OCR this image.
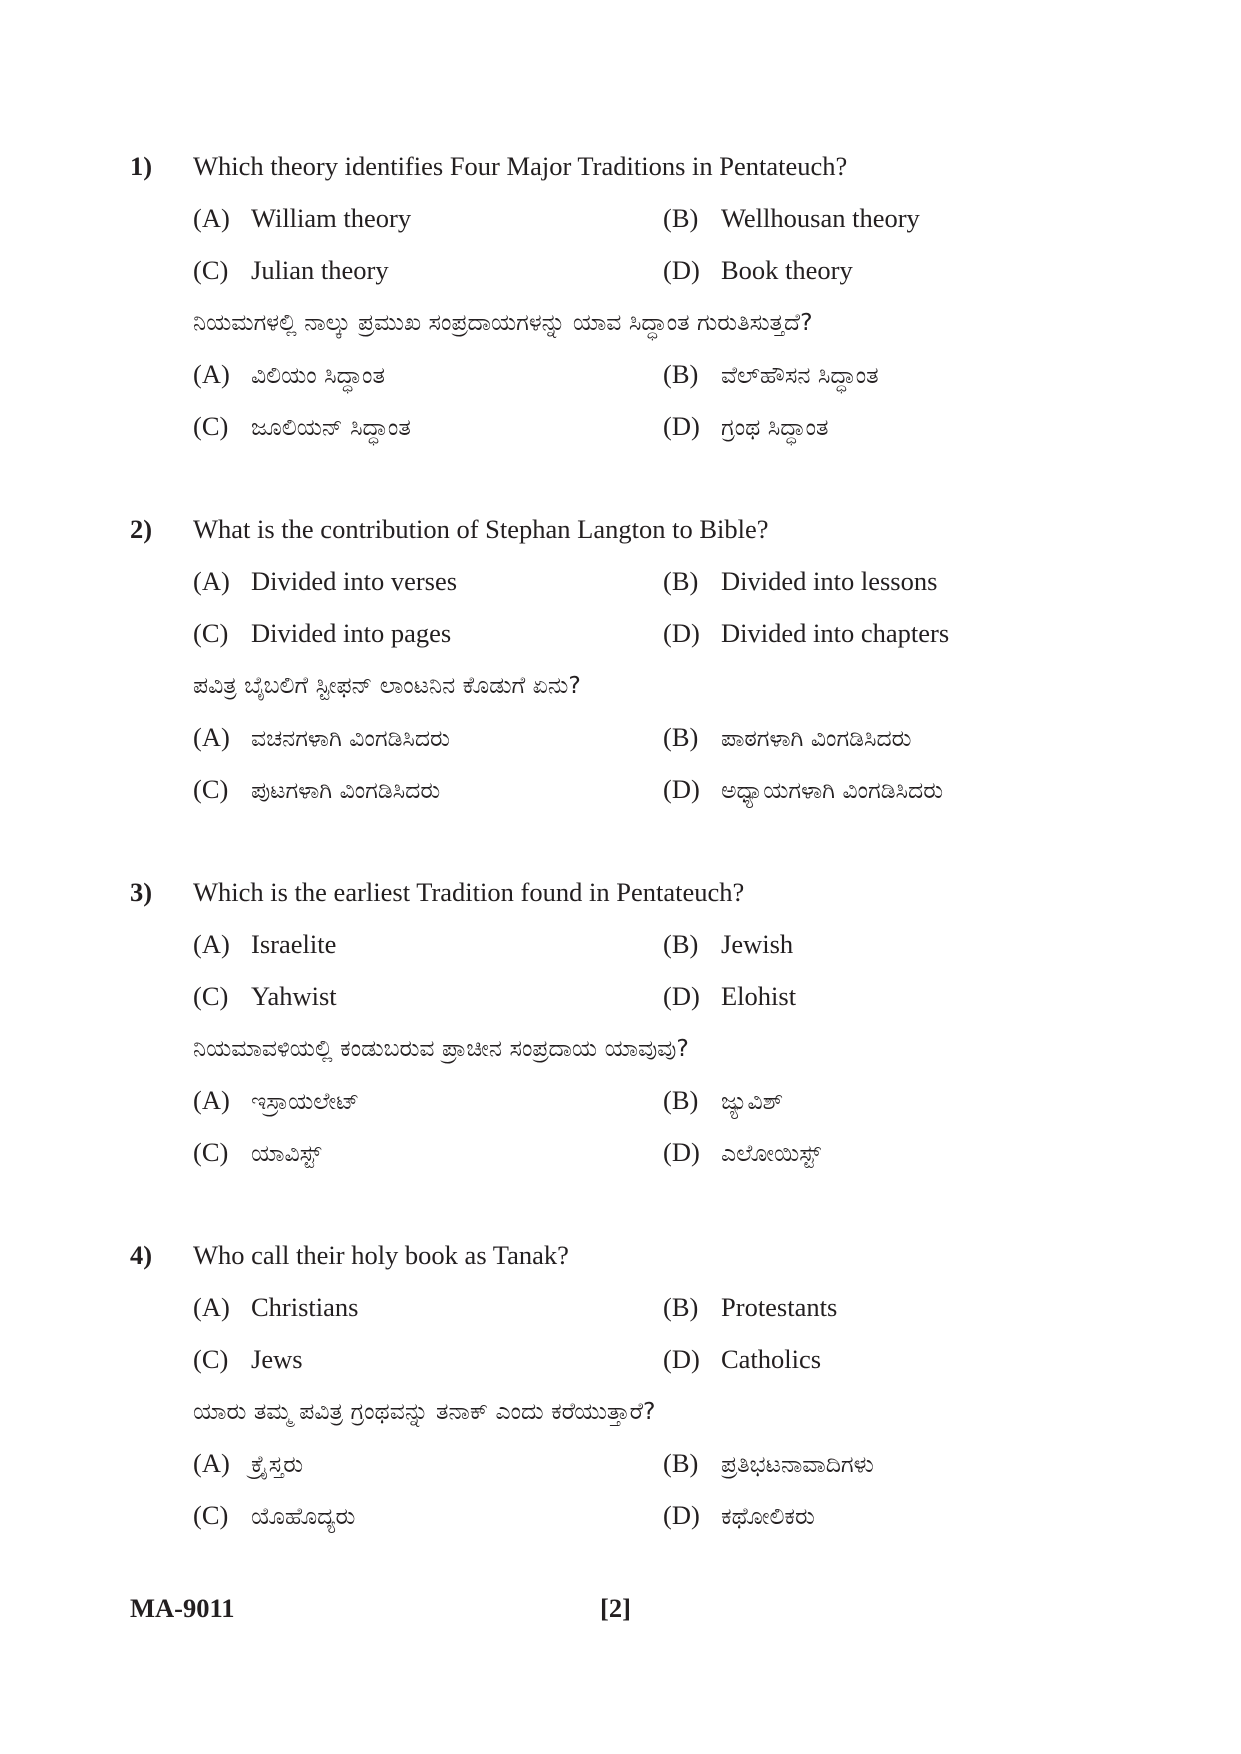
1) Which theory identifies Four Major Traditions in Pentateuch?
(A) William theory	(B) Wellhousan theory
(C) Julian theory	(D) Book theory
ನಿಯಮಗಳಲ್ಲಿ ನಾಲ್ಕು ಪ್ರಮುಖ ಸಂಪ್ರದಾಯಗಳನ್ನು ಯಾವ ಸಿದ್ಧಾಂತ ಗುರುತಿಸುತ್ತದೆ?
(A) ವಿಲಿಯಂ ಸಿದ್ಧಾಂತ	(B) ವೆಲ್‌ಹೌಸನ ಸಿದ್ಧಾಂತ
(C) ಜೂಲಿಯನ್ ಸಿದ್ಧಾಂತ	(D) ಗ್ರಂಥ ಸಿದ್ಧಾಂತ
2) What is the contribution of Stephan Langton to Bible?
(A) Divided into verses	(B) Divided into lessons
(C) Divided into pages	(D) Divided into chapters
ಪವಿತ್ರ ಬೈಬಲಿಗೆ ಸ್ಟೀಫನ್ ಲಾಂಟನಿನ ಕೊಡುಗೆ ಏನು?
(A) ವಚನಗಳಾಗಿ ವಿಂಗಡಿಸಿದರು	(B) ಪಾಠಗಳಾಗಿ ವಿಂಗಡಿಸಿದರು
(C) ಪುಟಗಳಾಗಿ ವಿಂಗಡಿಸಿದರು	(D) ಅಧ್ಯಾಯಗಳಾಗಿ ವಿಂಗಡಿಸಿದರು
3) Which is the earliest Tradition found in Pentateuch?
(A) Israelite	(B) Jewish
(C) Yahwist	(D) Elohist
ನಿಯಮಾವಳಿಯಲ್ಲಿ ಕಂಡುಬರುವ ಪ್ರಾಚೀನ ಸಂಪ್ರದಾಯ ಯಾವುವು?
(A) ಇಸ್ರಾಯಲೇಟ್	(B) ಜ್ಯುವಿಶ್
(C) ಯಾವಿಸ್ಟ್	(D) ಎಲೋಯಿಸ್ಟ್
4) Who call their holy book as Tanak?
(A) Christians	(B) Protestants
(C) Jews	(D) Catholics
ಯಾರು ತಮ್ಮ ಪವಿತ್ರ ಗ್ರಂಥವನ್ನು ತನಾಕ್ ಎಂದು ಕರೆಯುತ್ತಾರೆ?
(A) ಕ್ರೈಸ್ತರು	(B) ಪ್ರತಿಭಟನಾವಾದಿಗಳು
(C) ಯೊಹೊದ್ಯರು	(D) ಕಥೋಲಿಕರು
MA-9011	[2]
